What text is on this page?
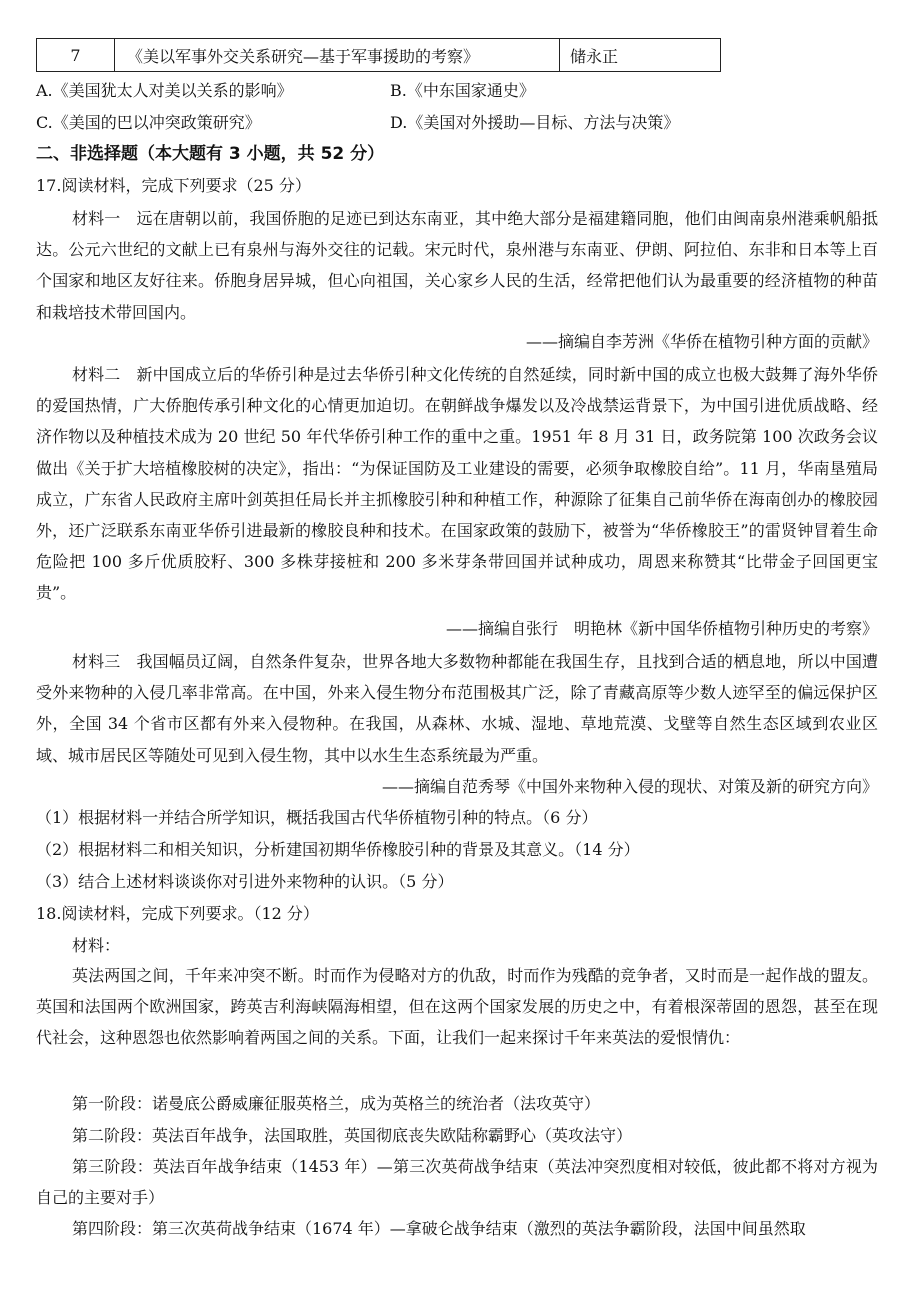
7	《美以军事外交关系研究—基于军事援助的考察》	储永正
A.《美国犹太人对美以关系的影响》	B.《中东国家通史》
C.《美国的巴以冲突政策研究》	D.《美国对外援助—目标、方法与决策》
二、非选择题（本大题有 3 小题，共 52 分）
17.阅读材料，完成下列要求（25 分）
材料一　 远在唐朝以前，我国侨胞的足迹已到达东南亚，其中绝大部分是福建籍同胞，他们由闽南泉州港乘帆船抵达。公元六世纪的文献上已有泉州与海外交往的记载。宋元时代，泉州港与东南亚、伊朗、阿拉伯、东非和日本等上百个国家和地区友好往来。侨胞身居异城，但心向祖国，关心家乡人民的生活，经常把他们认为最重要的经济植物的种苗和栽培技术带回国内。
——摘编自李芳洲《华侨在植物引种方面的贡献》
材料二　 新中国成立后的华侨引种是过去华侨引种文化传统的自然延续，同时新中国的成立也极大鼓舞了海外华侨的爱国热情，广大侨胞传承引种文化的心情更加迫切。在朝鲜战争爆发以及冷战禁运背景下，为中国引进优质战略、经济作物以及种植技术成为 20 世纪 50 年代华侨引种工作的重中之重。1951 年 8 月 31 日，政务院第 100 次政务会议做出《关于扩大培植橡胶树的决定》，指出：“为保证国防及工业建设的需要，必须争取橡胶自给”。11 月，华南垦殖局成立，广东省人民政府主席叶剑英担任局长并主抓橡胶引种和种植工作，种源除了征集自己前华侨在海南创办的橡胶园外，还广泛联系东南亚华侨引进最新的橡胶良种和技术。在国家政策的鼓励下，被誉为“华侨橡胶王”的雷贤钟冒着生命危险把 100 多斤优质胶籽、300 多株芽接桩和 200 多米芽条带回国并试种成功，周恩来称赞其“比带金子回国更宝贵”。
——摘编自张行　明艳林《新中国华侨植物引种历史的考察》
材料三　 我国幅员辽阔，自然条件复杂，世界各地大多数物种都能在我国生存，且找到合适的栖息地，所以中国遭受外来物种的入侵几率非常高。在中国，外来入侵生物分布范围极其广泛，除了青藏高原等少数人迹罕至的偏远保护区外，全国 34 个省市区都有外来入侵物种。在我国，从森林、水城、湿地、草地荒漠、戈壁等自然生态区域到农业区域、城市居民区等随处可见到入侵生物，其中以水生生态系统最为严重。
——摘编自范秀琴《中国外来物种入侵的现状、对策及新的研究方向》
（1）根据材料一并结合所学知识，概括我国古代华侨植物引种的特点。（6 分）
（2）根据材料二和相关知识，分析建国初期华侨橡胶引种的背景及其意义。（14 分）
（3）结合上述材料谈谈你对引进外来物种的认识。（5 分）
18.阅读材料，完成下列要求。（12 分）
材料：
英法两国之间，千年来冲突不断。时而作为侵略对方的仇敌，时而作为残酷的竞争者，又时而是一起作战的盟友。英国和法国两个欧洲国家，跨英吉利海峡隔海相望，但在这两个国家发展的历史之中，有着根深蒂固的恩怨，甚至在现代社会，这种恩怨也依然影响着两国之间的关系。下面，让我们一起来探讨千年来英法的爱恨情仇：
第一阶段：诺曼底公爵威廉征服英格兰，成为英格兰的统治者（法攻英守）
第二阶段：英法百年战争，法国取胜，英国彻底丧失欧陆称霸野心（英攻法守）
第三阶段：英法百年战争结束（1453 年）—第三次英荷战争结束（英法冲突烈度相对较低，彼此都不将对方视为自己的主要对手）
第四阶段：第三次英荷战争结束（1674 年）—拿破仑战争结束（激烈的英法争霸阶段，法国中间虽然取
